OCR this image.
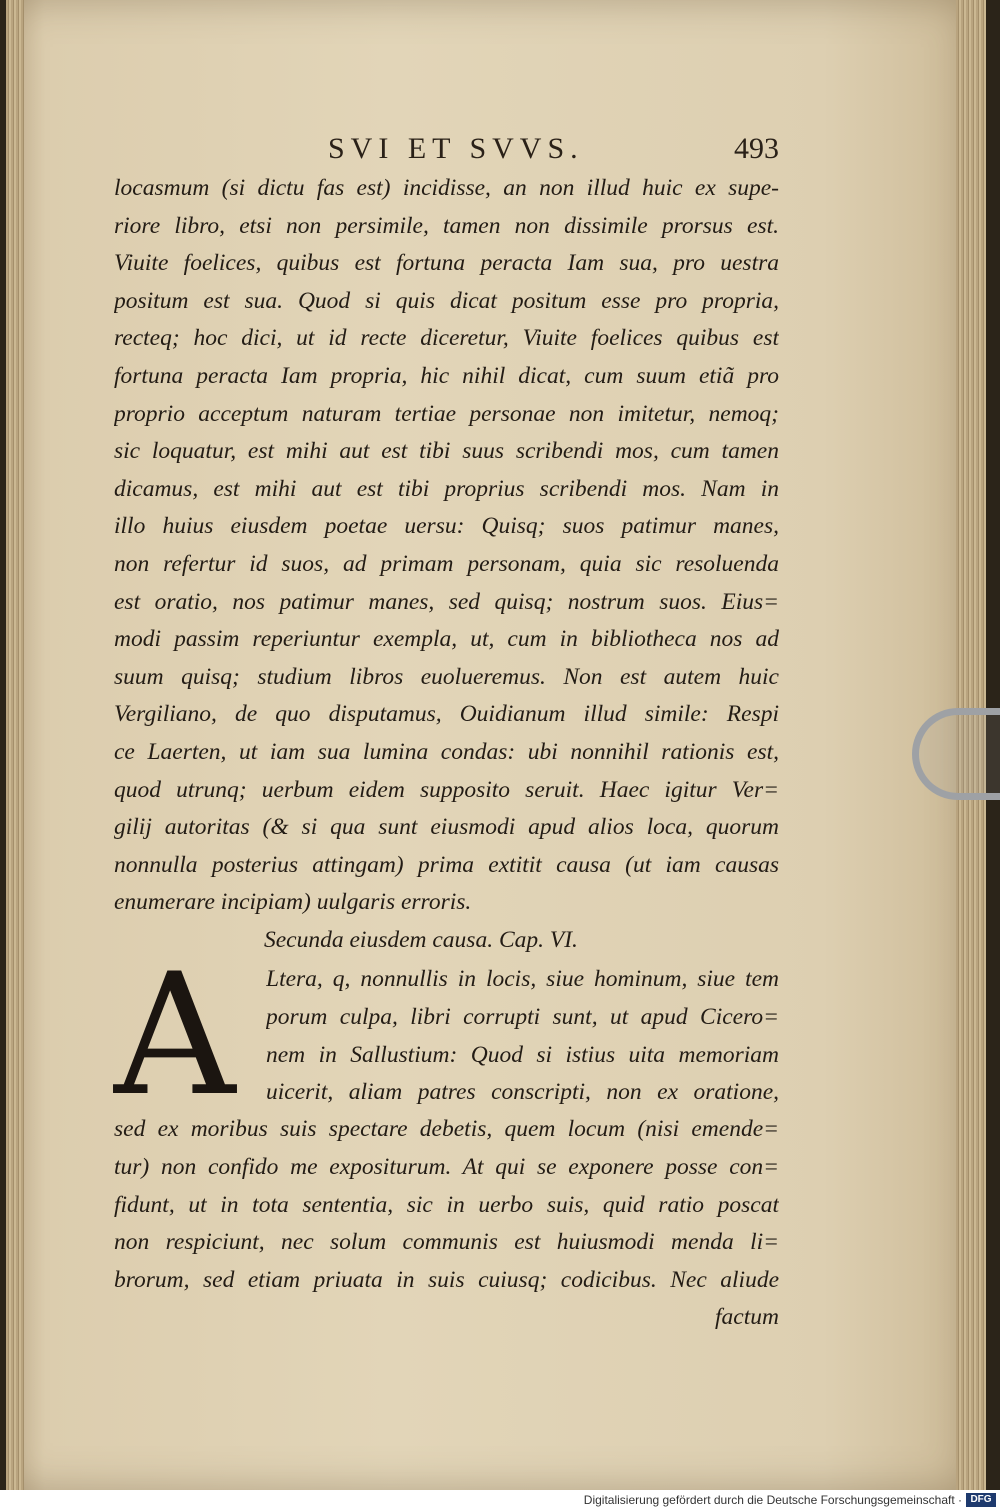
SVI ET SVVS.	493
locasmum (si dictu fas est) incidisse, an non illud huic ex supe-
riore libro, etsi non persimile, tamen non dissimile prorsus est.
Viuite foelices, quibus est fortuna peracta Iam sua, pro uestra
positum est sua. Quod si quis dicat positum esse pro propria,
recteq; hoc dici, ut id recte diceretur, Viuite foelices quibus est
fortuna peracta Iam propria, hic nihil dicat, cum suum etiã pro
proprio acceptum naturam tertiae personae non imitetur, nemoq;
sic loquatur, est mihi aut est tibi suus scribendi mos, cum tamen
dicamus, est mihi aut est tibi proprius scribendi mos. Nam in
illo huius eiusdem poetae uersu: Quisq; suos patimur manes,
non refertur id suos, ad primam personam, quia sic resoluenda
est oratio, nos patimur manes, sed quisq; nostrum suos. Eius=
modi passim reperiuntur exempla, ut, cum in bibliotheca nos ad
suum quisq; studium libros euolueremus. Non est autem huic
Vergiliano, de quo disputamus, Ouidianum illud simile: Respi
ce Laerten, ut iam sua lumina condas: ubi nonnihil rationis est,
quod utrunq; uerbum eidem supposito seruit. Haec igitur Ver=
gilij autoritas (& si qua sunt eiusmodi apud alios loca, quorum
nonnulla posterius attingam) prima extitit causa (ut iam causas
enumerare incipiam) uulgaris erroris.
Secunda eiusdem causa. Cap. VI.
A	Ltera, q, nonnullis in locis, siue hominum, siue tem
porum culpa, libri corrupti sunt, ut apud Cicero=
nem in Sallustium: Quod si istius uita memoriam
uicerit, aliam patres conscripti, non ex oratione,
sed ex moribus suis spectare debetis, quem locum (nisi emende=
tur) non confido me expositurum. At qui se exponere posse con=
fidunt, ut in tota sententia, sic in uerbo suis, quid ratio poscat
non respiciunt, nec solum communis est huiusmodi menda li=
brorum, sed etiam priuata in suis cuiusq; codicibus. Nec aliude
factum
Digitalisierung gefördert durch die Deutsche Forschungsgemeinschaft · DFG
